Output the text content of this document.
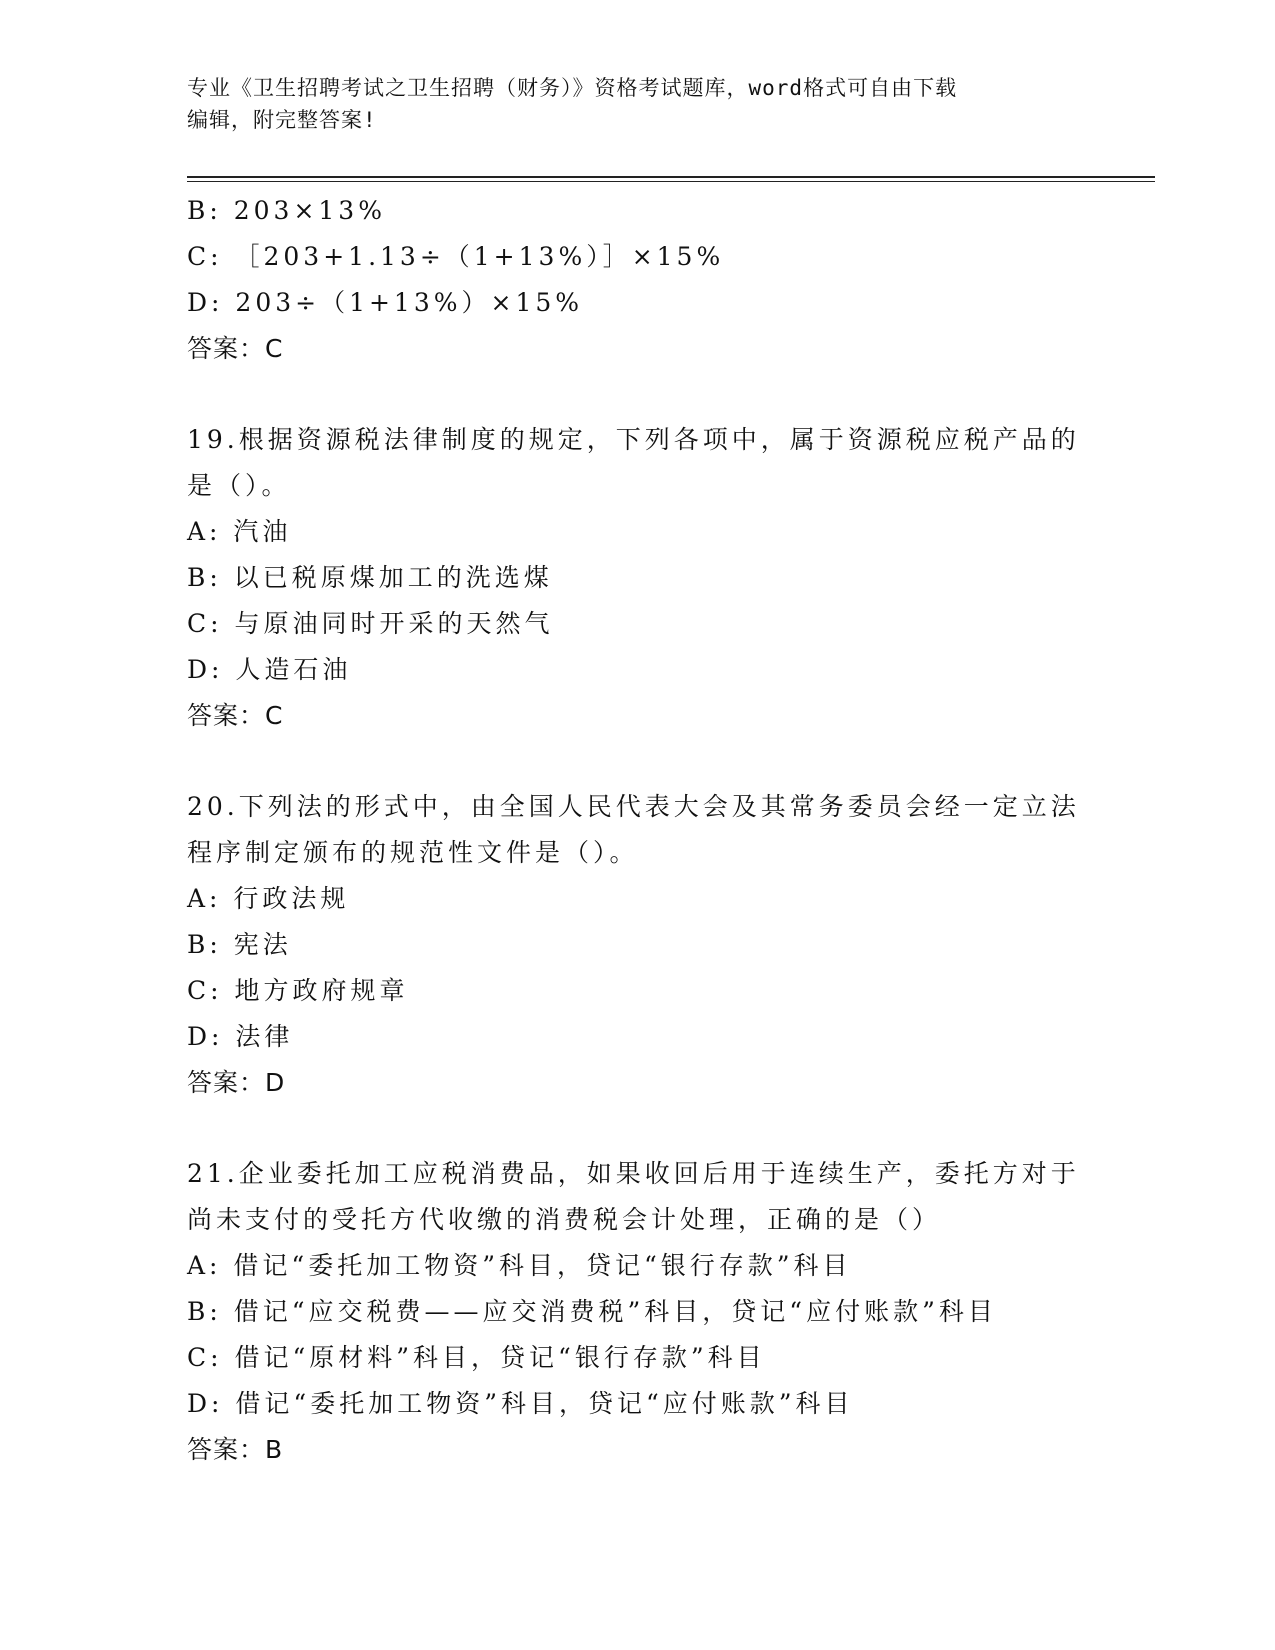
专业《卫生招聘考试之卫生招聘（财务）》资格考试题库，word格式可自由下载
编辑，附完整答案!
B: 203×13%
C: ［203+1.13÷（1+13%）］×15%
D: 203÷（1+13%）×15%
答案：C
19.根据资源税法律制度的规定，下列各项中，属于资源税应税产品的
是（）。
A: 汽油
B: 以已税原煤加工的洗选煤
C: 与原油同时开采的天然气
D: 人造石油
答案：C
20.下列法的形式中，由全国人民代表大会及其常务委员会经一定立法
程序制定颁布的规范性文件是（）。
A: 行政法规
B: 宪法
C: 地方政府规章
D: 法律
答案：D
21.企业委托加工应税消费品，如果收回后用于连续生产，委托方对于
尚未支付的受托方代收缴的消费税会计处理，正确的是（）
A: 借记“委托加工物资”科目，贷记“银行存款”科目
B: 借记“应交税费——应交消费税”科目，贷记“应付账款”科目
C: 借记“原材料”科目，贷记“银行存款”科目
D: 借记“委托加工物资”科目，贷记“应付账款”科目
答案：B
